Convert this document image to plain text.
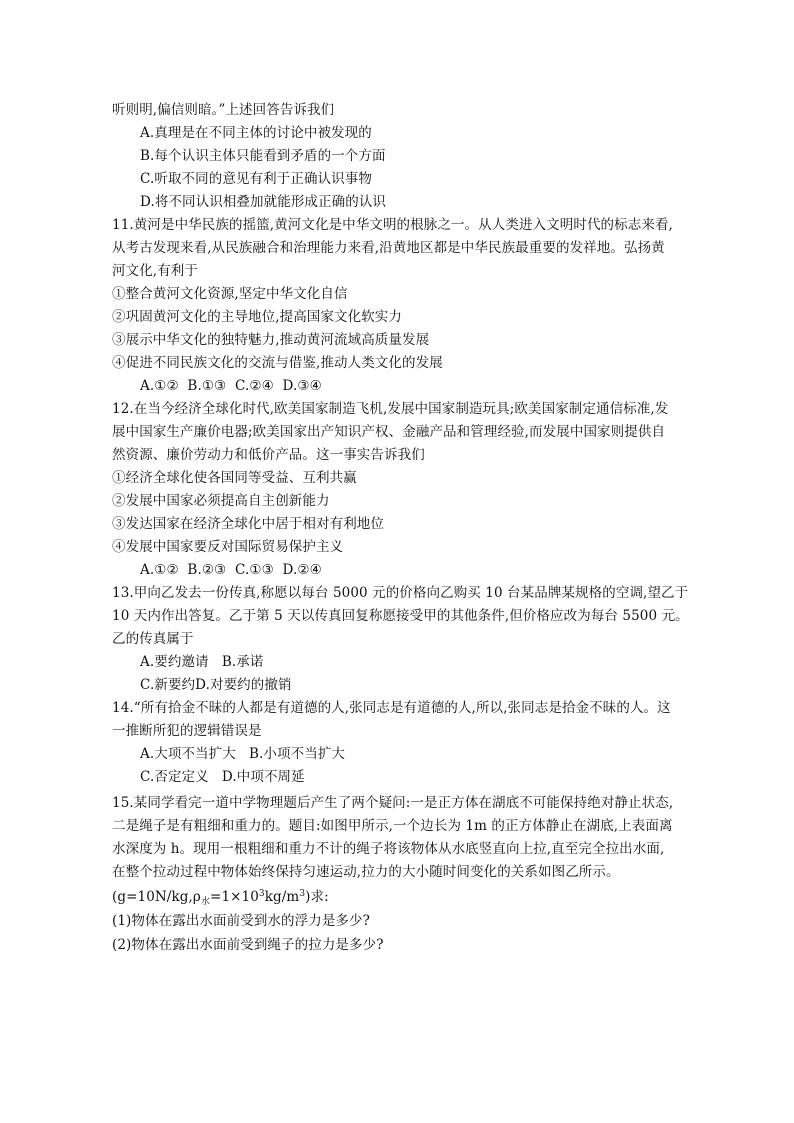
听则明,偏信则暗。”上述回答告诉我们
A.真理是在不同主体的讨论中被发现的
B.每个认识主体只能看到矛盾的一个方面
C.听取不同的意见有利于正确认识事物
D.将不同认识相叠加就能形成正确的认识
11.黄河是中华民族的摇篮,黄河文化是中华文明的根脉之一。从人类进入文明时代的标志来看,
从考古发现来看,从民族融合和治理能力来看,沿黄地区都是中华民族最重要的发祥地。弘扬黄
河文化,有利于
①整合黄河文化资源,坚定中华文化自信
②巩固黄河文化的主导地位,提高国家文化软实力
③展示中华文化的独特魅力,推动黄河流域高质量发展
④促进不同民族文化的交流与借鉴,推动人类文化的发展
A.①②  B.①③  C.②④  D.③④
12.在当今经济全球化时代,欧美国家制造飞机,发展中国家制造玩具;欧美国家制定通信标准,发
展中国家生产廉价电器;欧美国家出产知识产权、金融产品和管理经验,而发展中国家则提供自
然资源、廉价劳动力和低价产品。这一事实告诉我们
①经济全球化使各国同等受益、互利共赢
②发展中国家必须提高自主创新能力
③发达国家在经济全球化中居于相对有利地位
④发展中国家要反对国际贸易保护主义
A.①②  B.②③  C.①③  D.②④
13.甲向乙发去一份传真,称愿以每台 5000 元的价格向乙购买 10 台某品牌某规格的空调,望乙于
10 天内作出答复。乙于第 5 天以传真回复称愿接受甲的其他条件,但价格应改为每台 5500 元。
乙的传真属于
A.要约邀请   B.承诺
C.新要约D.对要约的撤销
14.“所有拾金不昧的人都是有道德的人,张同志是有道德的人,所以,张同志是拾金不昧的人。这
一推断所犯的逻辑错误是
A.大项不当扩大   B.小项不当扩大
C.否定定义   D.中项不周延
15.某同学看完一道中学物理题后产生了两个疑问:一是正方体在湖底不可能保持绝对静止状态,
二是绳子是有粗细和重力的。题目:如图甲所示,一个边长为 1m 的正方体静止在湖底,上表面离
水深度为 h。现用一根粗细和重力不计的绳子将该物体从水底竖直向上拉,直至完全拉出水面,
在整个拉动过程中物体始终保持匀速运动,拉力的大小随时间变化的关系如图乙所示。
$(g=10N/kg,\rho_水=1\times 10^3kg/m^3)$求:
(1)物体在露出水面前受到水的浮力是多少?
(2)物体在露出水面前受到绳子的拉力是多少?
